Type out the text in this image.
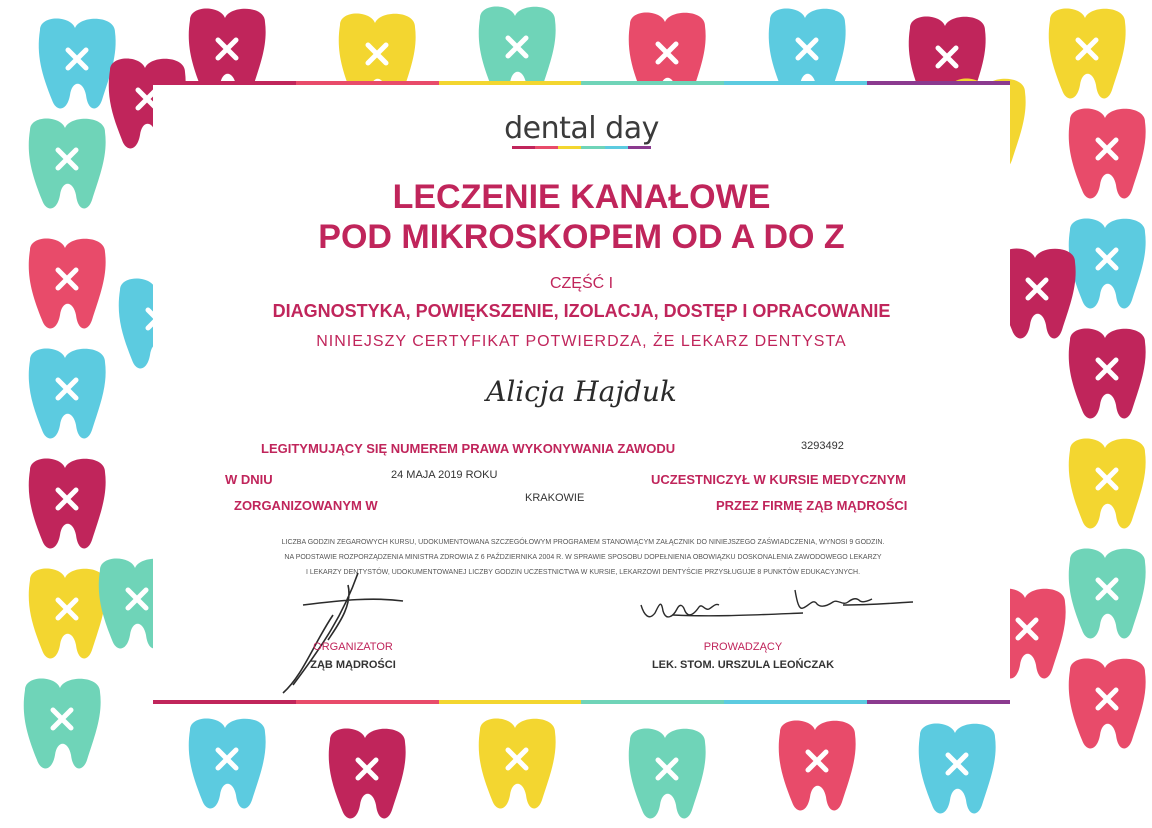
dental day
LECZENIE KANAŁOWE
POD MIKROSKOPEM OD A DO Z
CZĘŚĆ I
DIAGNOSTYKA, POWIĘKSZENIE, IZOLACJA, DOSTĘP I OPRACOWANIE
NINIEJSZY CERTYFIKAT POTWIERDZA, ŻE LEKARZ DENTYSTA
Alicja Hajduk
LEGITYMUJĄCY SIĘ NUMEREM PRAWA WYKONYWANIA ZAWODU	3293492
W DNIU	24 MAJA 2019 ROKU	UCZESTNICZYŁ W KURSIE MEDYCZNYM
ZORGANIZOWANYM W	KRAKOWIE	PRZEZ FIRMĘ ZĄB MĄDROŚCI
LICZBA GODZIN ZEGAROWYCH KURSU, UDOKUMENTOWANA SZCZEGÓŁOWYM PROGRAMEM STANOWIĄCYM ZAŁĄCZNIK DO NINIEJSZEGO ZAŚWIADCZENIA, WYNOSI 9 GODZIN.
NA PODSTAWIE ROZPORZĄDZENIA MINISTRA ZDROWIA Z 6 PAŹDZIERNIKA 2004 R. W SPRAWIE SPOSOBU DOPEŁNIENIA OBOWIĄZKU DOSKONALENIA ZAWODOWEGO LEKARZY
I LEKARZY DENTYSTÓW, UDOKUMENTOWANEJ LICZBY GODZIN UCZESTNICTWA W KURSIE, LEKARZOWI DENTYŚCIE PRZYSŁUGUJE 8 PUNKTÓW EDUKACYJNYCH.
ORGANIZATOR
ZĄB MĄDROŚCI
PROWADZĄCY
LEK. STOM. URSZULA LEOŃCZAK
